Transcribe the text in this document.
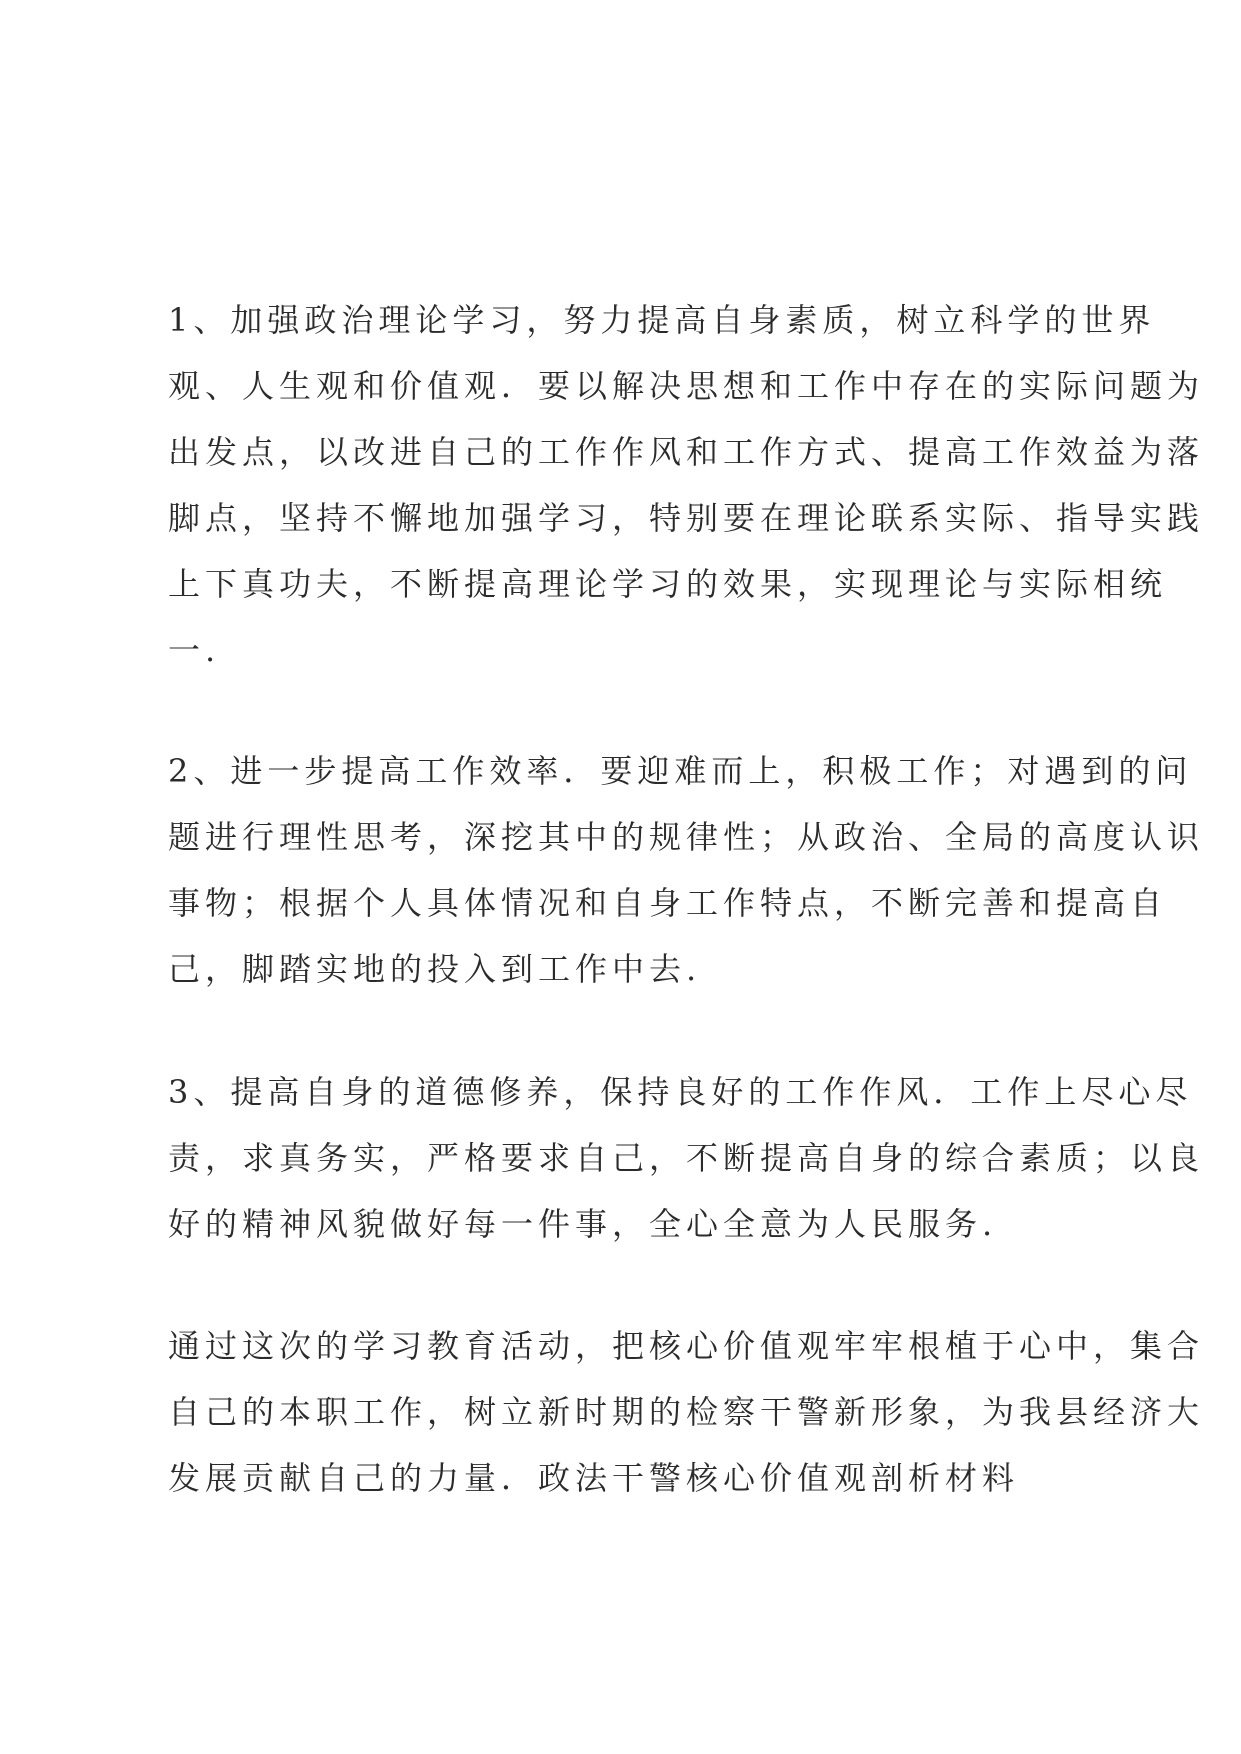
1、加强政治理论学习，努力提高自身素质，树立科学的世界
观、人生观和价值观．要以解决思想和工作中存在的实际问题为
出发点，以改进自己的工作作风和工作方式、提高工作效益为落
脚点，坚持不懈地加强学习，特别要在理论联系实际、指导实践
上下真功夫，不断提高理论学习的效果，实现理论与实际相统
一.
2、进一步提高工作效率．要迎难而上，积极工作；对遇到的问
题进行理性思考，深挖其中的规律性；从政治、全局的高度认识
事物；根据个人具体情况和自身工作特点，不断完善和提高自
己，脚踏实地的投入到工作中去.
3、提高自身的道德修养，保持良好的工作作风．工作上尽心尽
责，求真务实，严格要求自己，不断提高自身的综合素质；以良
好的精神风貌做好每一件事，全心全意为人民服务.
通过这次的学习教育活动，把核心价值观牢牢根植于心中，集合
自己的本职工作，树立新时期的检察干警新形象，为我县经济大
发展贡献自己的力量．政法干警核心价值观剖析材料
